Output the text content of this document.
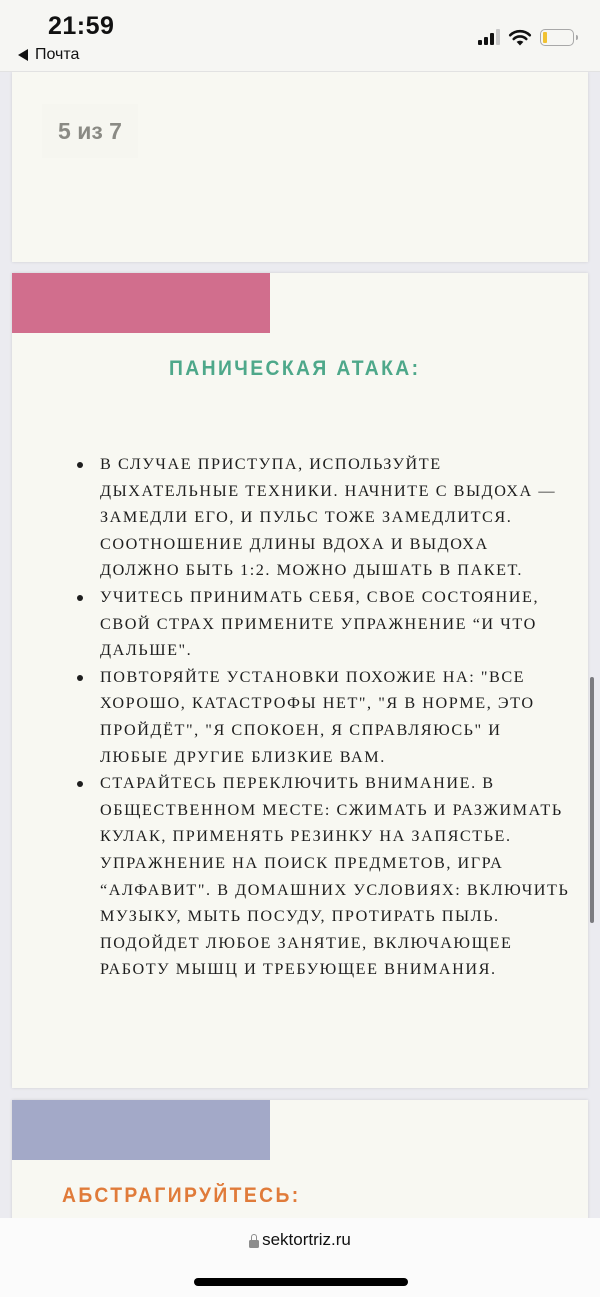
21:59
Почта
5 из 7
ПАНИЧЕСКАЯ АТАКА:
В СЛУЧАЕ ПРИСТУПА, ИСПОЛЬЗУЙТЕ ДЫХАТЕЛЬНЫЕ ТЕХНИКИ. НАЧНИТЕ С ВЫДОХА — ЗАМЕДЛИ ЕГО, И ПУЛЬС ТОЖЕ ЗАМЕДЛИТСЯ. СООТНОШЕНИЕ ДЛИНЫ ВДОХА И ВЫДОХА ДОЛЖНО БЫТЬ 1:2. МОЖНО ДЫШАТЬ В ПАКЕТ.
УЧИТЕСЬ ПРИНИМАТЬ СЕБЯ, СВОЕ СОСТОЯНИЕ, СВОЙ СТРАХ ПРИМЕНИТЕ УПРАЖНЕНИЕ “И ЧТО ДАЛЬШЕ".
ПОВТОРЯЙТЕ УСТАНОВКИ ПОХОЖИЕ НА: "ВСЕ ХОРОШО, КАТАСТРОФЫ НЕТ", "Я В НОРМЕ, ЭТО ПРОЙДЁТ", "Я СПОКОЕН, Я СПРАВЛЯЮСЬ" И ЛЮБЫЕ ДРУГИЕ БЛИЗКИЕ ВАМ.
СТАРАЙТЕСЬ ПЕРЕКЛЮЧИТЬ ВНИМАНИЕ. В ОБЩЕСТВЕННОМ МЕСТЕ: СЖИМАТЬ И РАЗЖИМАТЬ КУЛАК, ПРИМЕНЯТЬ РЕЗИНКУ НА ЗАПЯСТЬЕ. УПРАЖНЕНИЕ НА ПОИСК ПРЕДМЕТОВ, ИГРА “АЛФАВИТ". В ДОМАШНИХ УСЛОВИЯХ: ВКЛЮЧИТЬ МУЗЫКУ, МЫТЬ ПОСУДУ, ПРОТИРАТЬ ПЫЛЬ. ПОДОЙДЕТ ЛЮБОЕ ЗАНЯТИЕ, ВКЛЮЧАЮЩЕЕ РАБОТУ МЫШЦ И ТРЕБУЮЩЕЕ ВНИМАНИЯ.
АБСТРАГИРУЙТЕСЬ:
sektortriz.ru
